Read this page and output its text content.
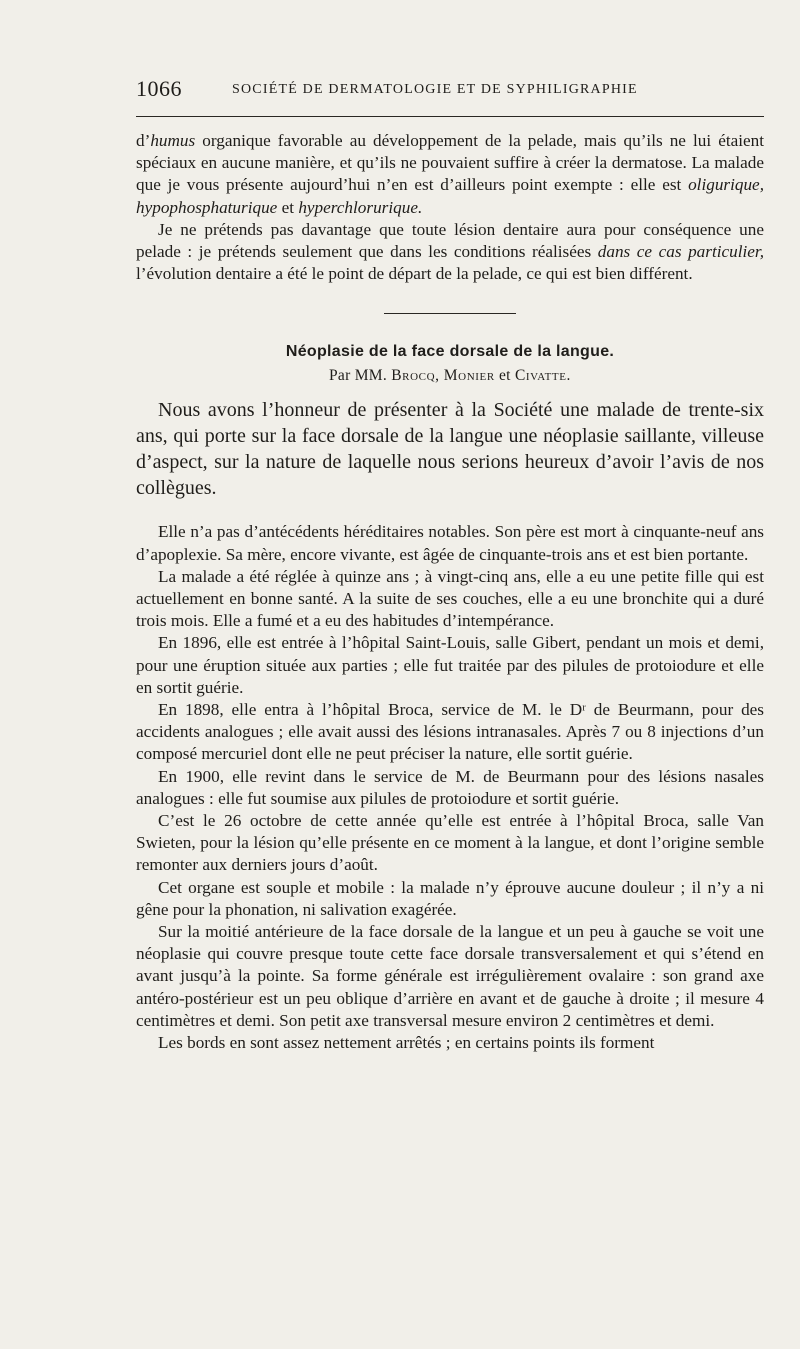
1066	SOCIÉTÉ DE DERMATOLOGIE ET DE SYPHILIGRAPHIE

d’humus organique favorable au développement de la pelade, mais qu’ils ne lui étaient spéciaux en aucune manière, et qu’ils ne pouvaient suffire à créer la dermatose. La malade que je vous présente aujourd’hui n’en est d’ailleurs point exempte : elle est oligurique, hypophosphaturique et hyperchlorurique.

Je ne prétends pas davantage que toute lésion dentaire aura pour conséquence une pelade : je prétends seulement que dans les conditions réalisées dans ce cas particulier, l’évolution dentaire a été le point de départ de la pelade, ce qui est bien différent.

Néoplasie de la face dorsale de la langue.
Par MM. Brocq, Monier et Civatte.

Nous avons l’honneur de présenter à la Société une malade de trente-six ans, qui porte sur la face dorsale de la langue une néoplasie saillante, villeuse d’aspect, sur la nature de laquelle nous serions heureux d’avoir l’avis de nos collègues.

Elle n’a pas d’antécédents héréditaires notables. Son père est mort à cinquante-neuf ans d’apoplexie. Sa mère, encore vivante, est âgée de cinquante-trois ans et est bien portante.

La malade a été réglée à quinze ans ; à vingt-cinq ans, elle a eu une petite fille qui est actuellement en bonne santé. A la suite de ses couches, elle a eu une bronchite qui a duré trois mois. Elle a fumé et a eu des habitudes d’intempérance.

En 1896, elle est entrée à l’hôpital Saint-Louis, salle Gibert, pendant un mois et demi, pour une éruption située aux parties ; elle fut traitée par des pilules de protoiodure et elle en sortit guérie.

En 1898, elle entra à l’hôpital Broca, service de M. le Dʳ de Beurmann, pour des accidents analogues ; elle avait aussi des lésions intranasales. Après 7 ou 8 injections d’un composé mercuriel dont elle ne peut préciser la nature, elle sortit guérie.

En 1900, elle revint dans le service de M. de Beurmann pour des lésions nasales analogues : elle fut soumise aux pilules de protoiodure et sortit guérie.

C’est le 26 octobre de cette année qu’elle est entrée à l’hôpital Broca, salle Van Swieten, pour la lésion qu’elle présente en ce moment à la langue, et dont l’origine semble remonter aux derniers jours d’août.

Cet organe est souple et mobile : la malade n’y éprouve aucune douleur ; il n’y a ni gêne pour la phonation, ni salivation exagérée.

Sur la moitié antérieure de la face dorsale de la langue et un peu à gauche se voit une néoplasie qui couvre presque toute cette face dorsale transversalement et qui s’étend en avant jusqu’à la pointe. Sa forme générale est irrégulièrement ovalaire : son grand axe antéro-postérieur est un peu oblique d’arrière en avant et de gauche à droite ; il mesure 4 centimètres et demi. Son petit axe transversal mesure environ 2 centimètres et demi.

Les bords en sont assez nettement arrêtés ; en certains points ils forment
